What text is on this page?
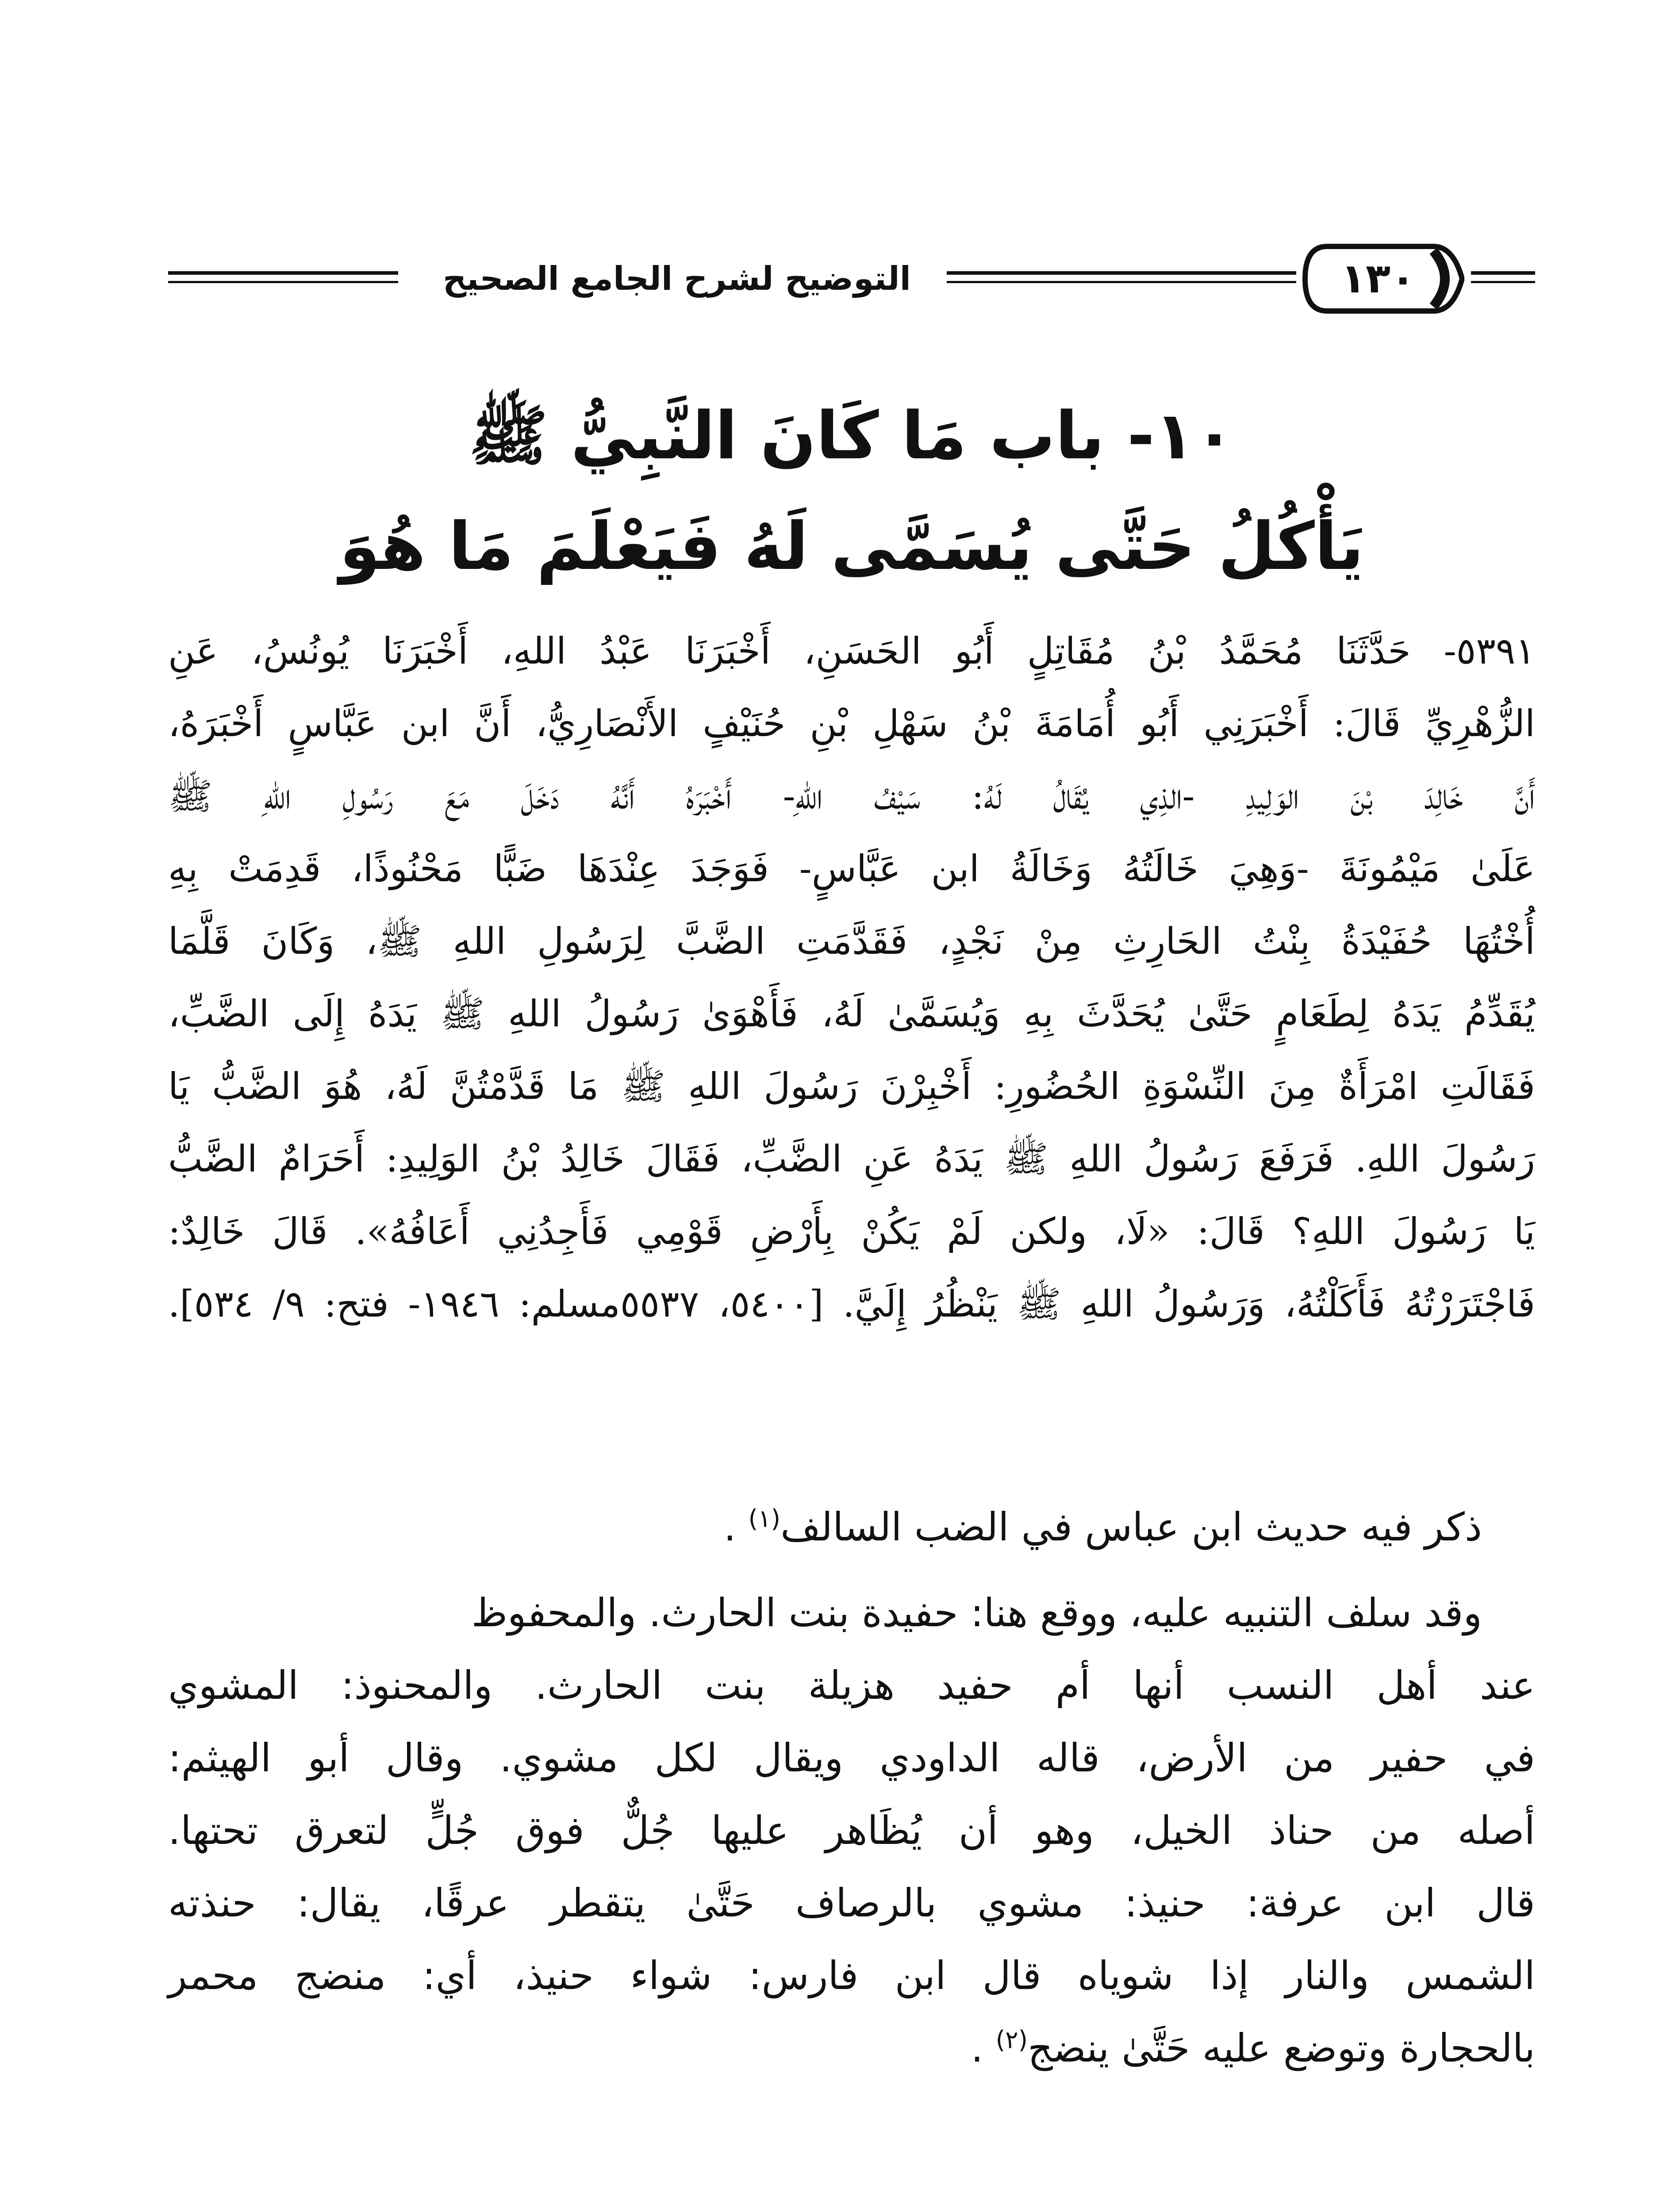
التوضيح لشرح الجامع الصحيح	١٣٠
١٠- باب مَا كَانَ النَّبِيُّ ﷺ
يَأْكُلُ حَتَّى يُسَمَّى لَهُ فَيَعْلَمَ مَا هُوَ
٥٣٩١- حَدَّثَنَا مُحَمَّدُ بْنُ مُقَاتِلٍ أَبُو الحَسَنِ، أَخْبَرَنَا عَبْدُ اللهِ، أَخْبَرَنَا يُونُسُ، عَنِ
الزُّهْرِيِّ قَالَ: أَخْبَرَنِي أَبُو أُمَامَةَ بْنُ سَهْلِ بْنِ حُنَيْفٍ الأَنْصَارِيُّ، أَنَّ ابن عَبَّاسٍ أَخْبَرَهُ،
أَنَّ خَالِدَ بْنَ الوَلِيدِ -الذِي يُقَالُ لَهُ: سَيْفُ اللهِ- أَخْبَرَهُ أَنَّهُ دَخَلَ مَعَ رَسُولِ اللهِ ﷺ
عَلَىٰ مَيْمُونَةَ -وَهِيَ خَالَتُهُ وَخَالَةُ ابن عَبَّاسٍ- فَوَجَدَ عِنْدَهَا ضَبًّا مَحْنُوذًا، قَدِمَتْ بِهِ
أُخْتُهَا حُفَيْدَةُ بِنْتُ الحَارِثِ مِنْ نَجْدٍ، فَقَدَّمَتِ الضَّبَّ لِرَسُولِ اللهِ ﷺ، وَكَانَ قَلَّمَا
يُقَدِّمُ يَدَهُ لِطَعَامٍ حَتَّىٰ يُحَدَّثَ بِهِ وَيُسَمَّىٰ لَهُ، فَأَهْوَىٰ رَسُولُ اللهِ ﷺ يَدَهُ إِلَى الضَّبِّ،
فَقَالَتِ امْرَأَةٌ مِنَ النِّسْوَةِ الحُضُورِ: أَخْبِرْنَ رَسُولَ اللهِ ﷺ مَا قَدَّمْتُنَّ لَهُ، هُوَ الضَّبُّ يَا
رَسُولَ اللهِ. فَرَفَعَ رَسُولُ اللهِ ﷺ يَدَهُ عَنِ الضَّبِّ، فَقَالَ خَالِدُ بْنُ الوَلِيدِ: أَحَرَامٌ الضَّبُّ
يَا رَسُولَ اللهِ؟ قَالَ: «لَا، ولكن لَمْ يَكُنْ بِأَرْضِ قَوْمِي فَأَجِدُنِي أَعَافُهُ». قَالَ خَالِدٌ:
فَاجْتَرَرْتُهُ فَأَكَلْتُهُ، وَرَسُولُ اللهِ ﷺ يَنْظُرُ إِلَيَّ. [٥٤٠٠، ٥٥٣٧مسلم: ١٩٤٦- فتح: ٩/ ٥٣٤].
ذكر فيه حديث ابن عباس في الضب السالف$^{(١)}$ .
وقد سلف التنبيه عليه، ووقع هنا: حفيدة بنت الحارث. والمحفوظ
عند أهل النسب أنها أم حفيد هزيلة بنت الحارث. والمحنوذ: المشوي
في حفير من الأرض، قاله الداودي ويقال لكل مشوي. وقال أبو الهيثم:
أصله من حناذ الخيل، وهو أن يُظَاهر عليها جُلٌّ فوق جُلٍّ لتعرق تحتها.
قال ابن عرفة: حنيذ: مشوي بالرصاف حَتَّىٰ يتقطر عرقًا، يقال: حنذته
الشمس والنار إذا شوياه قال ابن فارس: شواء حنيذ، أي: منضج محمر
بالحجارة وتوضع عليه حَتَّىٰ ينضج$^{(٢)}$ .
